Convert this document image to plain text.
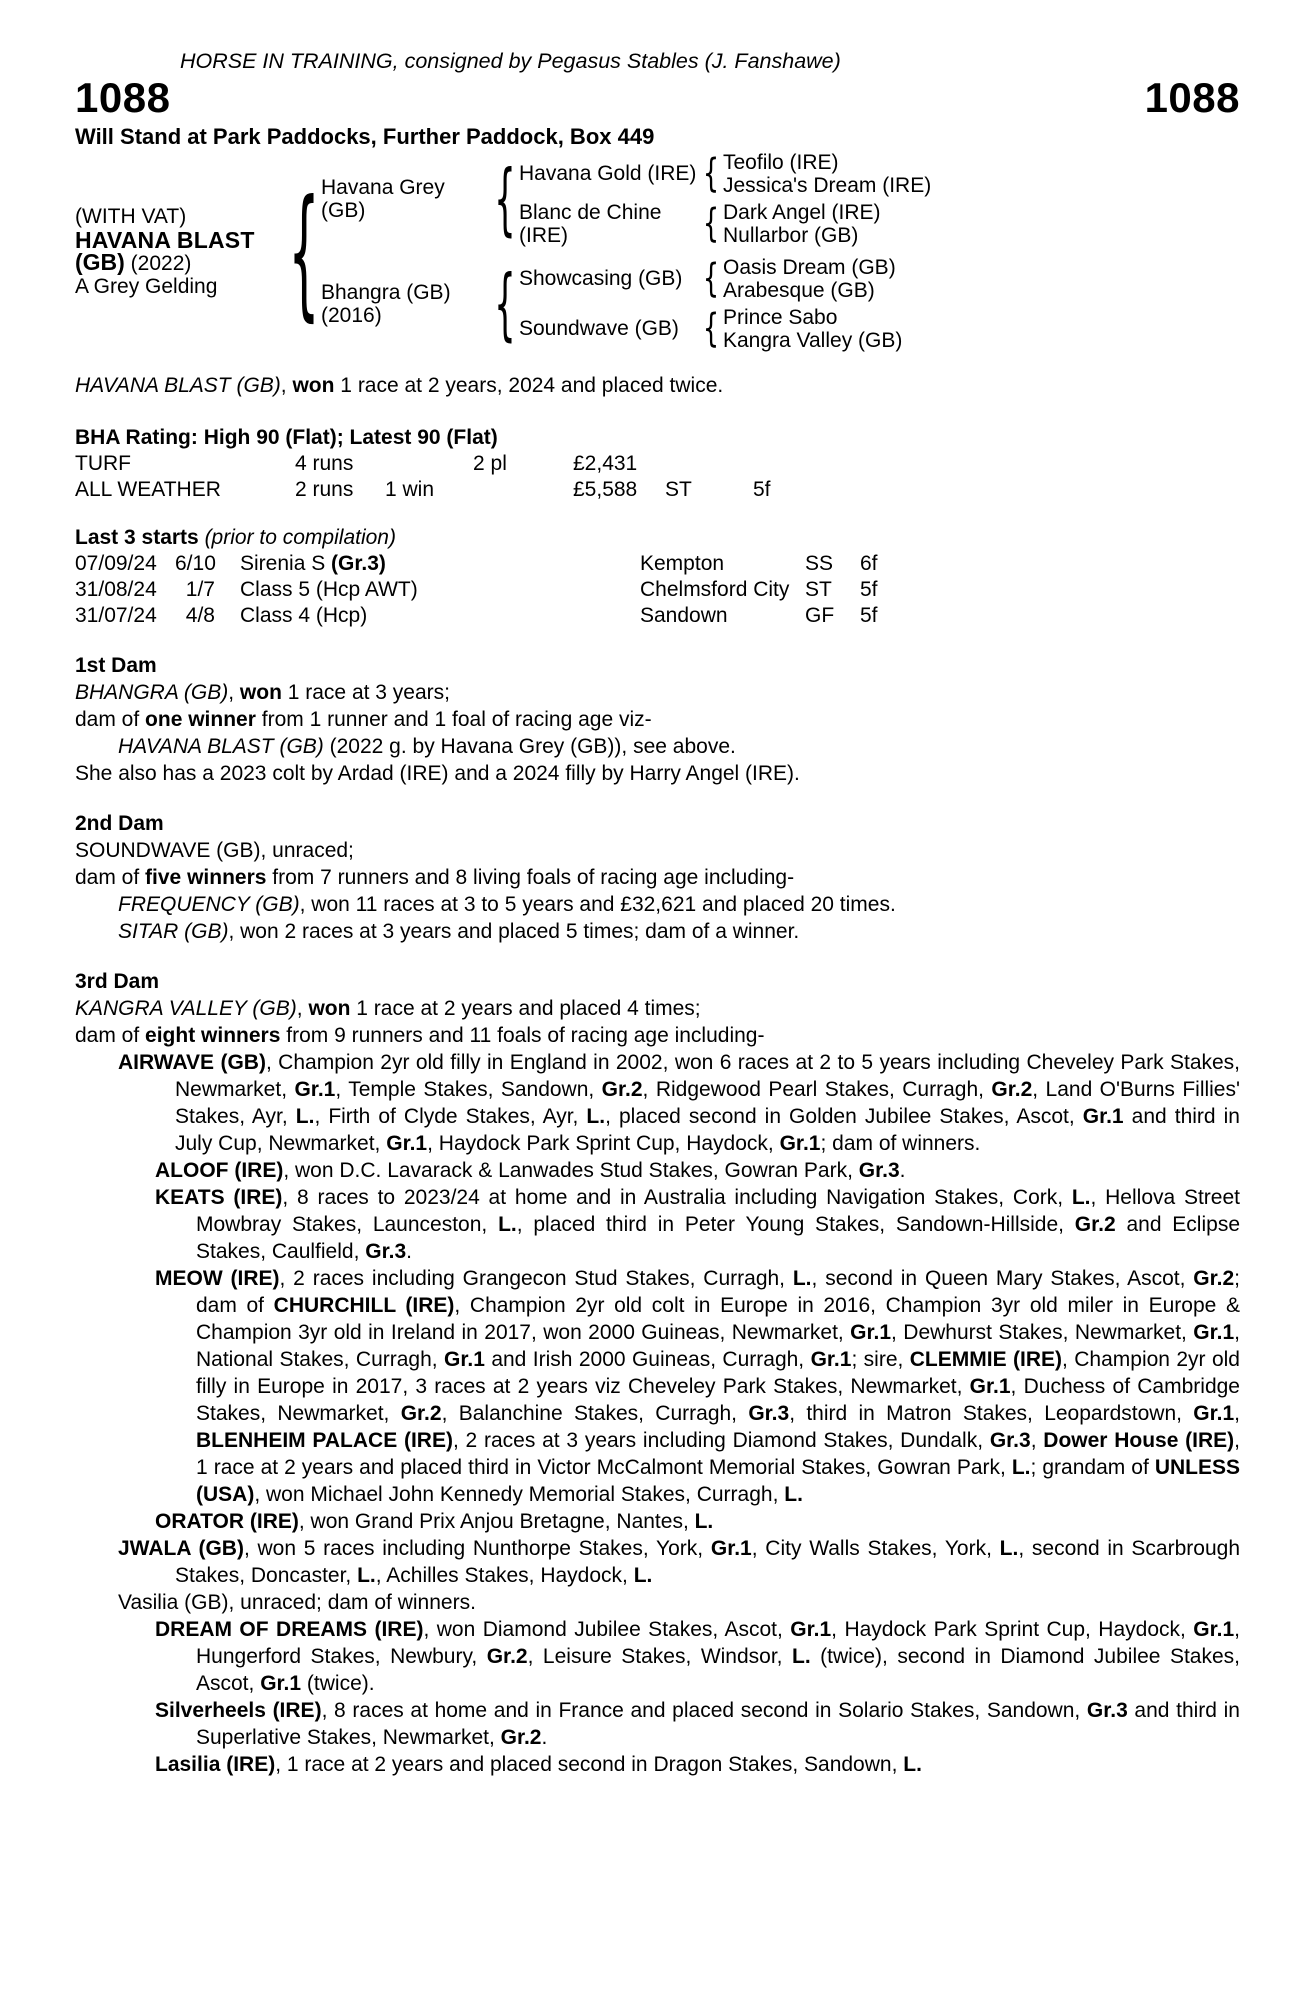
HORSE IN TRAINING, consigned by Pegasus Stables (J. Fanshawe)
1088	1088
Will Stand at Park Paddocks, Further Paddock, Box 449
(WITH VAT)
HAVANA BLAST
(GB) (2022)
A Grey Gelding	{ Havana Grey (GB)	{ Havana Gold (IRE) { Teofilo (IRE)
Jessica's Dream (IRE)
Blanc de Chine (IRE)	{ Dark Angel (IRE)
Nullarbor (GB)
Bhangra (GB)
(2016)	{ Showcasing (GB) { Oasis Dream (GB)
Arabesque (GB)
Soundwave (GB) { Prince Sabo
Kangra Valley (GB)
HAVANA BLAST (GB), won 1 race at 2 years, 2024 and placed twice.
BHA Rating: High 90 (Flat); Latest 90 (Flat)
TURF	4 runs	2 pl	£2,431
ALL WEATHER	2 runs	1 win	£5,588	ST	5f
Last 3 starts (prior to compilation)
07/09/24 6/10	Sirenia S (Gr.3)	Kempton	SS	6f
31/08/24	1/7	Class 5 (Hcp AWT)	Chelmsford City ST	5f
31/07/24	4/8	Class 4 (Hcp)	Sandown	GF	5f
1st Dam
BHANGRA (GB), won 1 race at 3 years;
dam of one winner from 1 runner and 1 foal of racing age viz-
HAVANA BLAST (GB) (2022 g. by Havana Grey (GB)), see above.
She also has a 2023 colt by Ardad (IRE) and a 2024 filly by Harry Angel (IRE).
2nd Dam
SOUNDWAVE (GB), unraced;
dam of five winners from 7 runners and 8 living foals of racing age including-
FREQUENCY (GB), won 11 races at 3 to 5 years and £32,621 and placed 20 times.
SITAR (GB), won 2 races at 3 years and placed 5 times; dam of a winner.
3rd Dam
KANGRA VALLEY (GB), won 1 race at 2 years and placed 4 times;
dam of eight winners from 9 runners and 11 foals of racing age including-
AIRWAVE (GB), Champion 2yr old filly in England in 2002, won 6 races at 2 to 5 years including Cheveley Park Stakes, Newmarket, Gr.1, Temple Stakes, Sandown, Gr.2, Ridgewood Pearl Stakes, Curragh, Gr.2, Land O'Burns Fillies' Stakes, Ayr, L., Firth of Clyde Stakes, Ayr, L., placed second in Golden Jubilee Stakes, Ascot, Gr.1 and third in July Cup, Newmarket, Gr.1, Haydock Park Sprint Cup, Haydock, Gr.1; dam of winners.
ALOOF (IRE), won D.C. Lavarack & Lanwades Stud Stakes, Gowran Park, Gr.3.
KEATS (IRE), 8 races to 2023/24 at home and in Australia including Navigation Stakes, Cork, L., Hellova Street Mowbray Stakes, Launceston, L., placed third in Peter Young Stakes, Sandown-Hillside, Gr.2 and Eclipse Stakes, Caulfield, Gr.3.
MEOW (IRE), 2 races including Grangecon Stud Stakes, Curragh, L., second in Queen Mary Stakes, Ascot, Gr.2; dam of CHURCHILL (IRE), Champion 2yr old colt in Europe in 2016, Champion 3yr old miler in Europe & Champion 3yr old in Ireland in 2017, won 2000 Guineas, Newmarket, Gr.1, Dewhurst Stakes, Newmarket, Gr.1, National Stakes, Curragh, Gr.1 and Irish 2000 Guineas, Curragh, Gr.1; sire, CLEMMIE (IRE), Champion 2yr old filly in Europe in 2017, 3 races at 2 years viz Cheveley Park Stakes, Newmarket, Gr.1, Duchess of Cambridge Stakes, Newmarket, Gr.2, Balanchine Stakes, Curragh, Gr.3, third in Matron Stakes, Leopardstown, Gr.1, BLENHEIM PALACE (IRE), 2 races at 3 years including Diamond Stakes, Dundalk, Gr.3, Dower House (IRE), 1 race at 2 years and placed third in Victor McCalmont Memorial Stakes, Gowran Park, L.; grandam of UNLESS (USA), won Michael John Kennedy Memorial Stakes, Curragh, L.
ORATOR (IRE), won Grand Prix Anjou Bretagne, Nantes, L.
JWALA (GB), won 5 races including Nunthorpe Stakes, York, Gr.1, City Walls Stakes, York, L., second in Scarbrough Stakes, Doncaster, L., Achilles Stakes, Haydock, L.
Vasilia (GB), unraced; dam of winners.
DREAM OF DREAMS (IRE), won Diamond Jubilee Stakes, Ascot, Gr.1, Haydock Park Sprint Cup, Haydock, Gr.1, Hungerford Stakes, Newbury, Gr.2, Leisure Stakes, Windsor, L. (twice), second in Diamond Jubilee Stakes, Ascot, Gr.1 (twice).
Silverheels (IRE), 8 races at home and in France and placed second in Solario Stakes, Sandown, Gr.3 and third in Superlative Stakes, Newmarket, Gr.2.
Lasilia (IRE), 1 race at 2 years and placed second in Dragon Stakes, Sandown, L.
